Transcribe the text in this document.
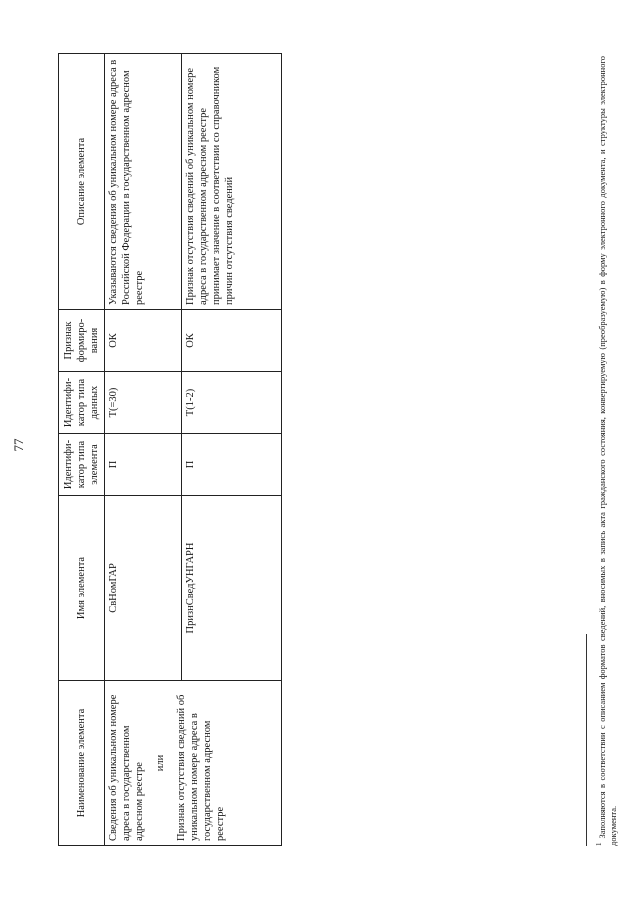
77
Наименование элемента	Имя элемента	Идентифи-катор типа элемента	Идентифи-катор типа данных	Признак формиро-вания	Описание элемента

Сведения об уникальном номере адреса в государственном адресном реестре или Признак отсутствия сведений об уникальном номере адреса в государственном адресном реестре	СвНомГАР	П	T(=30)	ОК	Указываются сведения об уникальном номере адреса в Российской Федерации в государственном адресном реестре
	ПризнСведУНГАРН	П	T(1-2)	ОК	Признак отсутствия сведений об уникальном номере адреса в государственном адресном реестре принимает значение в соответствии со справочником причин отсутствия сведений
$^1$Заполняются в соответствии с описанием форматов сведений, вносимых в запись акта гражданского состояния, конвертируемую (преобразуемую) в форму электронного документа, и структуры электронного документа.
